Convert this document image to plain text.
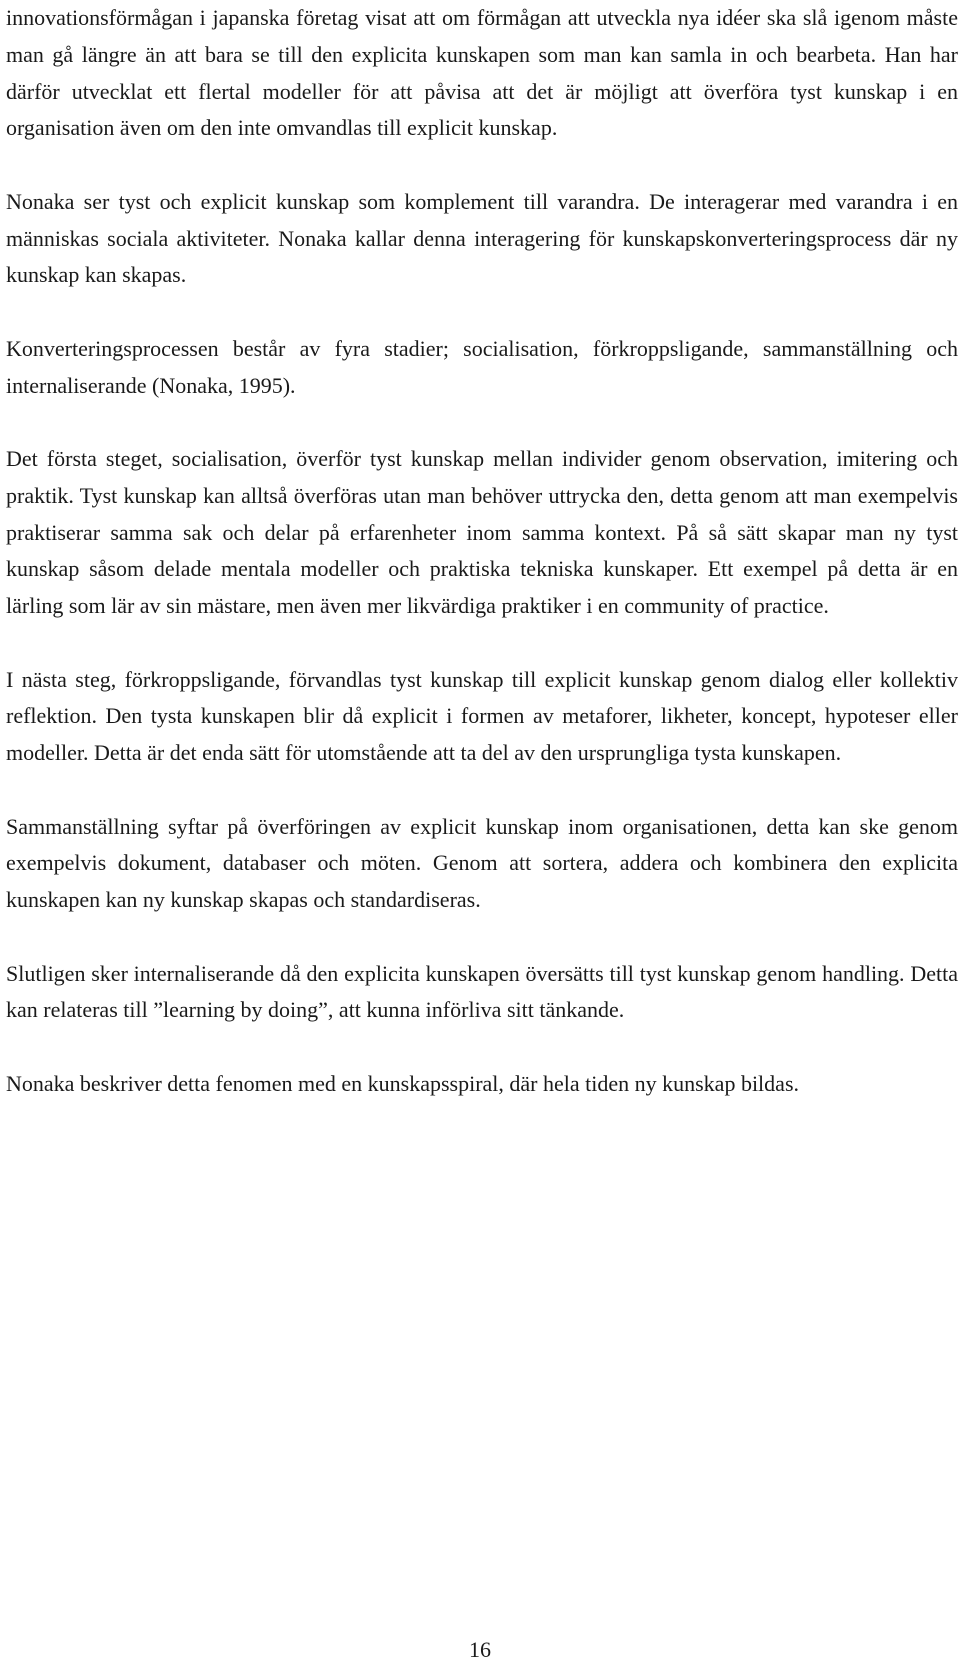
innovationsförmågan i japanska företag visat att om förmågan att utveckla nya idéer ska slå igenom måste man gå längre än att bara se till den explicita kunskapen som man kan samla in och bearbeta. Han har därför utvecklat ett flertal modeller för att påvisa att det är möjligt att överföra tyst kunskap i en organisation även om den inte omvandlas till explicit kunskap.

Nonaka ser tyst och explicit kunskap som komplement till varandra. De interagerar med varandra i en människas sociala aktiviteter. Nonaka kallar denna interagering för kunskapskonverteringsprocess där ny kunskap kan skapas.

Konverteringsprocessen består av fyra stadier; socialisation, förkroppsligande, sammanställning och internaliserande (Nonaka, 1995).

Det första steget, socialisation, överför tyst kunskap mellan individer genom observation, imitering och praktik. Tyst kunskap kan alltså överföras utan man behöver uttrycka den, detta genom att man exempelvis praktiserar samma sak och delar på erfarenheter inom samma kontext. På så sätt skapar man ny tyst kunskap såsom delade mentala modeller och praktiska tekniska kunskaper. Ett exempel på detta är en lärling som lär av sin mästare, men även mer likvärdiga praktiker i en community of practice.

I nästa steg, förkroppsligande, förvandlas tyst kunskap till explicit kunskap genom dialog eller kollektiv reflektion. Den tysta kunskapen blir då explicit i formen av metaforer, likheter, koncept, hypoteser eller modeller. Detta är det enda sätt för utomstående att ta del av den ursprungliga tysta kunskapen.

Sammanställning syftar på överföringen av explicit kunskap inom organisationen, detta kan ske genom exempelvis dokument, databaser och möten. Genom att sortera, addera och kombinera den explicita kunskapen kan ny kunskap skapas och standardiseras.

Slutligen sker internaliserande då den explicita kunskapen översätts till tyst kunskap genom handling. Detta kan relateras till ”learning by doing”, att kunna införliva sitt tänkande.

Nonaka beskriver detta fenomen med en kunskapsspiral, där hela tiden ny kunskap bildas.

16
